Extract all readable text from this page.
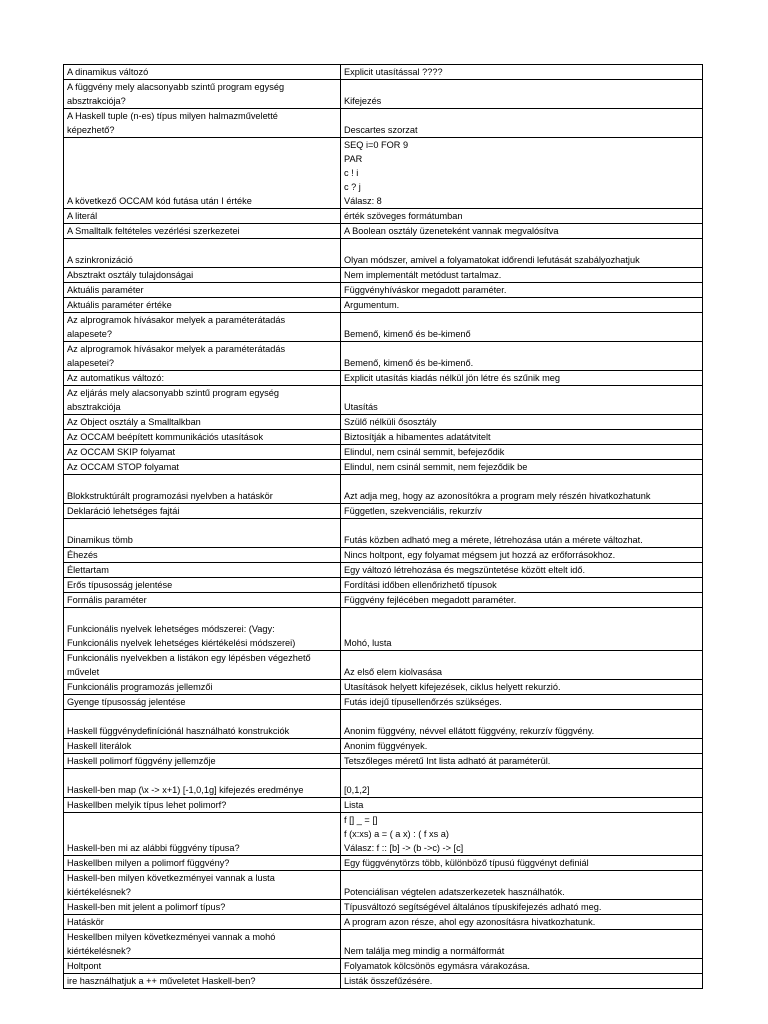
A dinamikus változó	Explicit utasítással ????

A függvény mely alacsonyabb szintű program egység
absztrakciója?	Kifejezés

A Haskell tuple (n-es) típus milyen halmazműveletté
képezhető?	Descartes szorzat

A következő OCCAM kód futása után I értéke	SEQ i=0 FOR 9
PAR
c ! i
c ? j
Válasz: 8

A literál	érték szöveges formátumban

A Smalltalk feltételes vezérlési szerkezetei	A Boolean osztály üzeneteként vannak megvalósítva

A szinkronizáció	Olyan módszer, amivel a folyamatokat időrendi lefutását szabályozhatjuk

Absztrakt osztály tulajdonságai	Nem implementált metódust tartalmaz.

Aktuális paraméter	Függvényhíváskor megadott paraméter.

Aktuális paraméter értéke	Argumentum.

Az alprogramok hívásakor melyek a paraméterátadás
alapesete?	Bemenő, kimenő és be-kimenő

Az alprogramok hívásakor melyek a paraméterátadás
alapesetei?	Bemenő, kimenő és be-kimenő.

Az automatikus változó:	Explicit utasítás kiadás nélkül jön létre és szűnik meg

Az eljárás mely alacsonyabb szintű program egység
absztrakciója	Utasítás

Az Object osztály a Smalltalkban	Szülő nélküli ősosztály

Az OCCAM beépített kommunikációs utasítások	Biztosítják a hibamentes adatátvitelt

Az OCCAM SKIP folyamat	Elindul, nem csinál semmit, befejeződik

Az OCCAM STOP folyamat	Elindul, nem csinál semmit, nem fejeződik be

Blokkstruktúrált programozási nyelvben a hatáskör	Azt adja meg, hogy az azonosítókra a program mely részén hivatkozhatunk

Deklaráció lehetséges fajtái	Független, szekvenciális, rekurzív

Dinamikus tömb	Futás közben adható meg a mérete, létrehozása után a mérete változhat.

Éhezés	Nincs holtpont, egy folyamat mégsem jut hozzá az erőforrásokhoz.

Élettartam	Egy változó létrehozása és megszüntetése között eltelt idő.

Erős típusosság jelentése	Fordítási időben ellenőrizhető típusok

Formális paraméter	Függvény fejlécében megadott paraméter.

Funkcionális nyelvek lehetséges módszerei: (Vagy:
Funkcionális nyelvek lehetséges kiértékelési módszerei)	Mohó, lusta

Funkcionális nyelvekben a listákon egy lépésben végezhető
művelet	Az első elem kiolvasása

Funkcionális programozás jellemzői	Utasítások helyett kifejezések, ciklus helyett rekurzió.

Gyenge típusosság jelentése	Futás idejű típusellenőrzés szükséges.

Haskell függvénydefiníciónál használható konstrukciók	Anonim függvény, névvel ellátott függvény, rekurzív függvény.

Haskell literálok	Anonim függvények.

Haskell polimorf függvény jellemzője	Tetszőleges méretű Int lista adható át paraméterül.

Haskell-ben map (\x -> x+1) [-1,0,1g] kifejezés eredménye	[0,1,2]

Haskellben melyik típus lehet polimorf?	Lista

Haskell-ben mi az alábbi függvény típusa?	f [] _ = []
f (x:xs) a = ( a x) : ( f xs a)
Válasz: f :: [b] -> (b ->c) -> [c]

Haskellben milyen a polimorf függvény?	Egy függvénytörzs több, különböző típusú függvényt definiál

Haskell-ben milyen következményei vannak a lusta
kiértékelésnek?	Potenciálisan végtelen adatszerkezetek használhatók.

Haskell-ben mit jelent a polimorf típus?	Típusváltozó segítségével általános típuskifejezés adható meg.

Hatáskör	A program azon része, ahol egy azonosításra hivatkozhatunk.

Heskellben milyen következményei vannak a mohó
kiértékelésnek?	Nem találja meg mindig a normálformát

Holtpont	Folyamatok kölcsönös egymásra várakozása.

ire használhatjuk a ++ műveletet Haskell-ben?	Listák összefűzésére.
